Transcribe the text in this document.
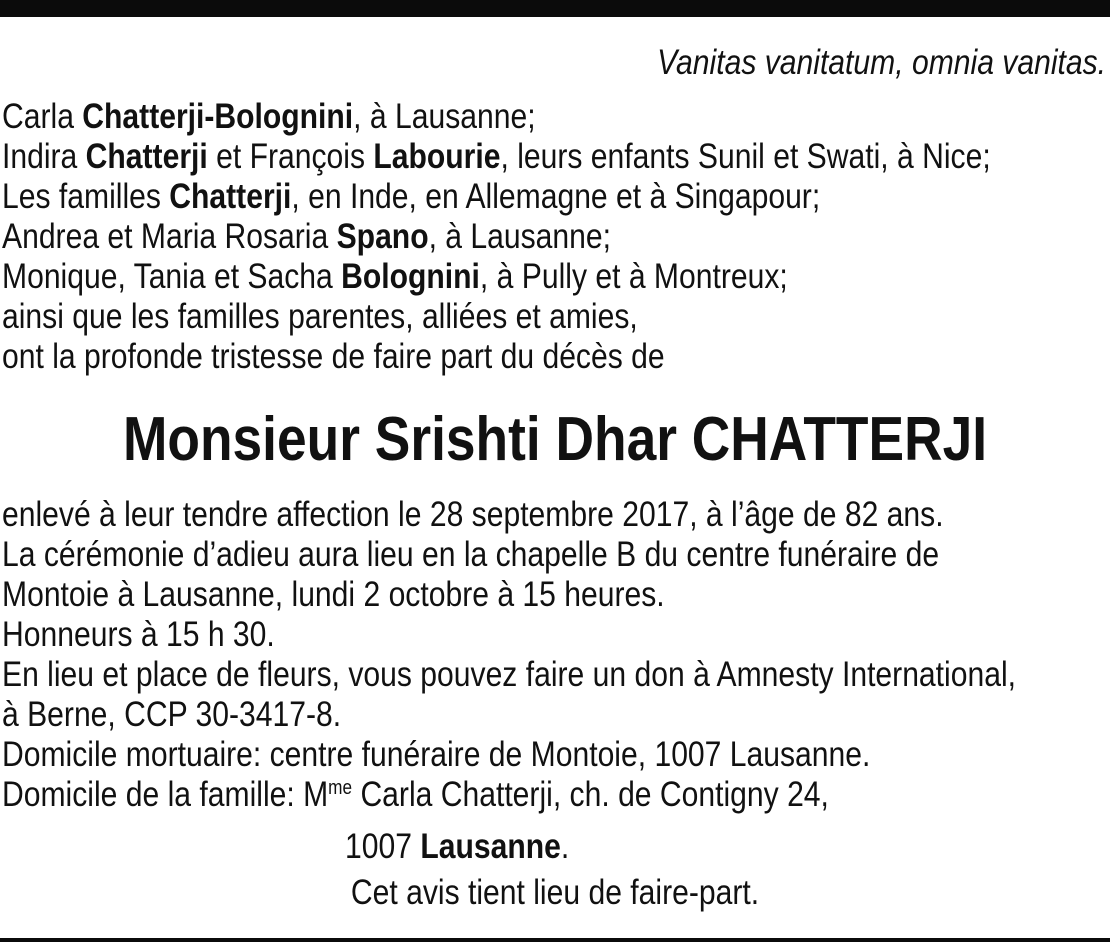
Vanitas vanitatum, omnia vanitas.
Carla Chatterji-Bolognini, à Lausanne;
Indira Chatterji et François Labourie, leurs enfants Sunil et Swati, à Nice;
Les familles Chatterji, en Inde, en Allemagne et à Singapour;
Andrea et Maria Rosaria Spano, à Lausanne;
Monique, Tania et Sacha Bolognini, à Pully et à Montreux;
ainsi que les familles parentes, alliées et amies,
ont la profonde tristesse de faire part du décès de
Monsieur Srishti Dhar CHATTERJI
enlevé à leur tendre affection le 28 septembre 2017, à l’âge de 82 ans.
La cérémonie d’adieu aura lieu en la chapelle B du centre funéraire de
Montoie à Lausanne, lundi 2 octobre à 15 heures.
Honneurs à 15 h 30.
En lieu et place de fleurs, vous pouvez faire un don à Amnesty International,
à Berne, CCP 30-3417-8.
Domicile mortuaire: centre funéraire de Montoie, 1007 Lausanne.
Domicile de la famille: $M^{me}$ Carla Chatterji, ch. de Contigny 24,
1007 Lausanne.
Cet avis tient lieu de faire-part.
